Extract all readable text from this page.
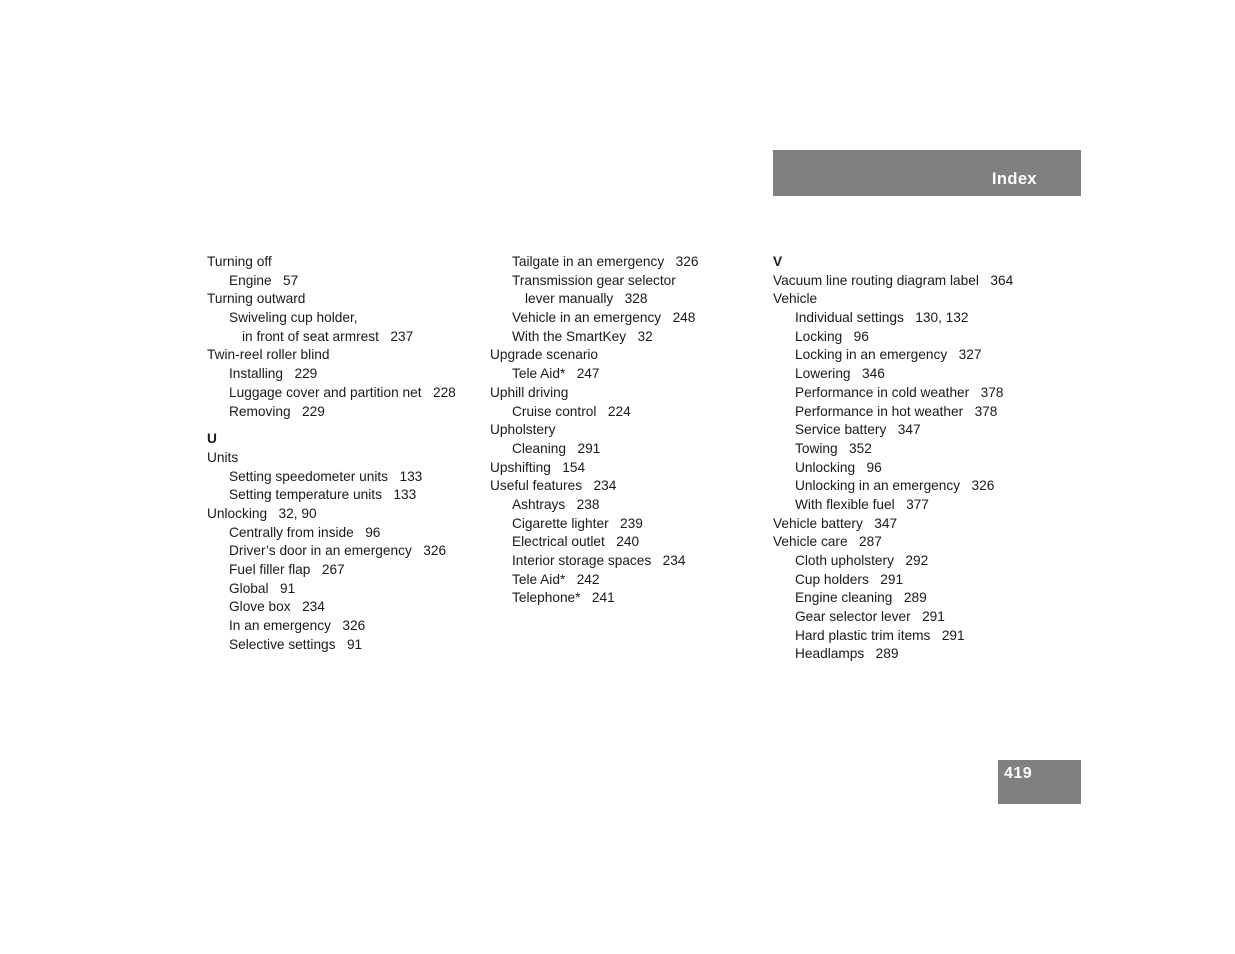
Index
Turning off
Engine 57
Turning outward
Swiveling cup holder,
in front of seat armrest 237
Twin-reel roller blind
Installing 229
Luggage cover and partition net 228
Removing 229
U
Units
Setting speedometer units 133
Setting temperature units 133
Unlocking 32, 90
Centrally from inside 96
Driver’s door in an emergency 326
Fuel filler flap 267
Global 91
Glove box 234
In an emergency 326
Selective settings 91
Tailgate in an emergency 326
Transmission gear selector
lever manually 328
Vehicle in an emergency 248
With the SmartKey 32
Upgrade scenario
Tele Aid* 247
Uphill driving
Cruise control 224
Upholstery
Cleaning 291
Upshifting 154
Useful features 234
Ashtrays 238
Cigarette lighter 239
Electrical outlet 240
Interior storage spaces 234
Tele Aid* 242
Telephone* 241
V
Vacuum line routing diagram label 364
Vehicle
Individual settings 130, 132
Locking 96
Locking in an emergency 327
Lowering 346
Performance in cold weather 378
Performance in hot weather 378
Service battery 347
Towing 352
Unlocking 96
Unlocking in an emergency 326
With flexible fuel 377
Vehicle battery 347
Vehicle care 287
Cloth upholstery 292
Cup holders 291
Engine cleaning 289
Gear selector lever 291
Hard plastic trim items 291
Headlamps 289
419
